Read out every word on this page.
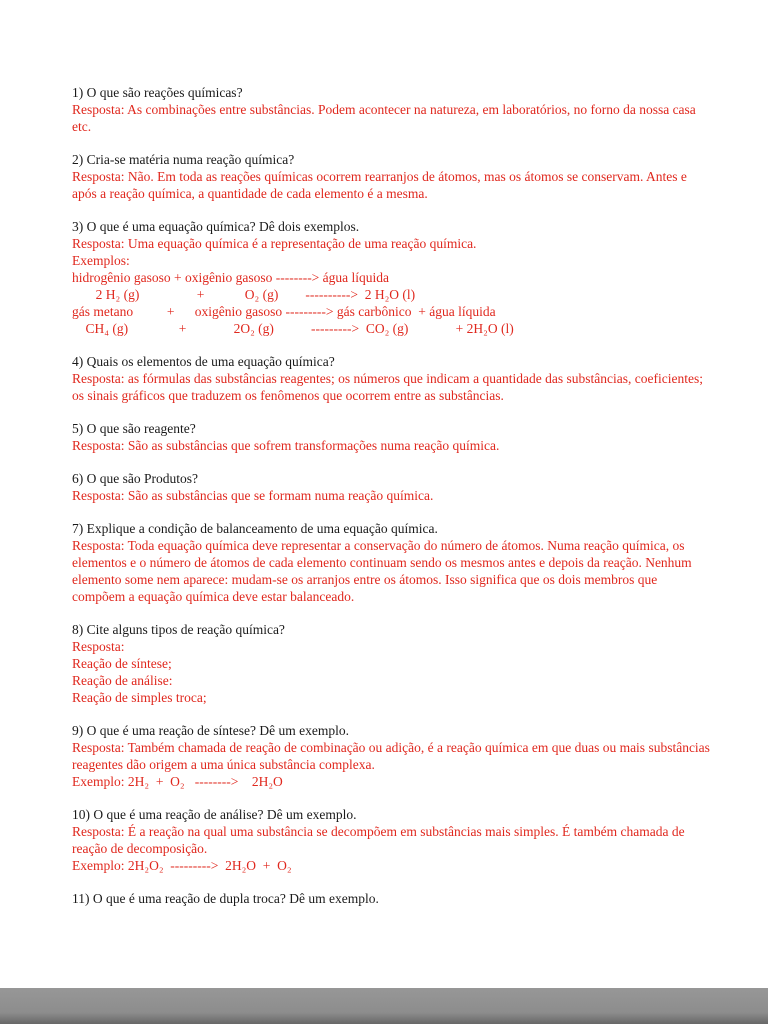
1) O que são reações químicas?
Resposta: As combinações entre substâncias. Podem acontecer na natureza, em laboratórios, no forno da nossa casa etc.
2) Cria-se matéria numa reação química?
Resposta: Não. Em toda as reações químicas ocorrem rearranjos de átomos, mas os átomos se conservam. Antes e após a reação química, a quantidade de cada elemento é a mesma.
3) O que é uma equação química? Dê dois exemplos.
Resposta: Uma equação química é a representação de uma reação química.
Exemplos:
hidrogênio gasoso + oxigênio gasoso --------> água líquida
2 H₂ (g)                 +            O₂ (g)        ---------->  2 H₂O (l)
gás metano          +      oxigênio gasoso ---------> gás carbônico  + água líquida
CH₄ (g)               +              2O₂ (g)           --------->  CO₂ (g)              + 2H₂O (l)
4) Quais os elementos de uma equação química?
Resposta: as fórmulas das substâncias reagentes; os números que indicam a quantidade das substâncias, coeficientes; os sinais gráficos que traduzem os fenômenos que ocorrem entre as substâncias.
5) O que são reagente?
Resposta: São as substâncias que sofrem transformações numa reação química.
6) O que são Produtos?
Resposta: São as substâncias que se formam numa reação química.
7) Explique a condição de balanceamento de uma equação química.
Resposta: Toda equação química deve representar a conservação do número de átomos. Numa reação química, os elementos e o número de átomos de cada elemento continuam sendo os mesmos antes e depois da reação. Nenhum elemento some nem aparece: mudam-se os arranjos entre os átomos. Isso significa que os dois membros que compõem a equação química deve estar balanceado.
8) Cite alguns tipos de reação química?
Resposta:
Reação de síntese;
Reação de análise:
Reação de simples troca;
9) O que é uma reação de síntese? Dê um exemplo.
Resposta: Também chamada de reação de combinação ou adição, é a reação química em que duas ou mais substâncias reagentes dão origem a uma única substância complexa.
Exemplo: 2H₂  +  O₂   -------->    2H₂O
10) O que é uma reação de análise? Dê um exemplo.
Resposta: É a reação na qual uma substância se decompõem em substâncias mais simples. É também chamada de reação de decomposição.
Exemplo: 2H₂O₂  --------->  2H₂O  +  O₂
11) O que é uma reação de dupla troca? Dê um exemplo.
